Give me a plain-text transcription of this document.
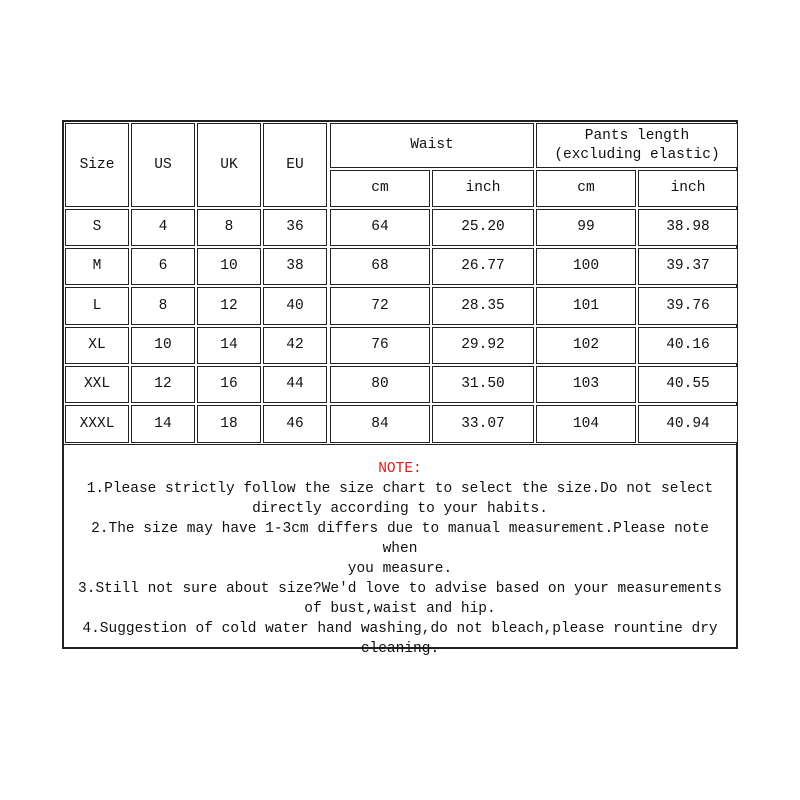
Size	US	UK	EU
Waist
Pants length
(excluding elastic)
cm	inch	cm	inch
S	4	8	36	64	25.20	99	38.98
M	6	10	38	68	26.77	100	39.37
L	8	12	40	72	28.35	101	39.76
XL	10	14	42	76	29.92	102	40.16
XXL	12	16	44	80	31.50	103	40.55
XXXL	14	18	46	84	33.07	104	40.94
NOTE:
1.Please strictly follow the size chart to select the size.Do not select
directly according to your habits.
2.The size may have 1-3cm differs due to manual measurement.Please note when
you measure.
3.Still not sure about size?We'd love to advise based on your measurements
of bust,waist and hip.
4.Suggestion of cold water hand washing,do not bleach,please rountine dry
cleaning.
